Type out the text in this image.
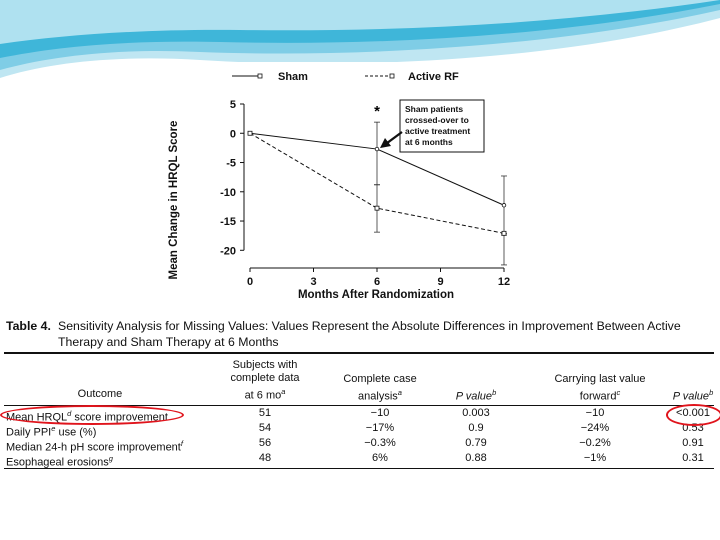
Sham	Active RF
Mean Change in HRQL Score
Months After Randomization
5
0
-5
-10
-15
-20
0	3	6	9	12
*	Sham patients
crossed-over to
active treatment
at 6 months
Table 4. Sensitivity Analysis for Missing Values: Values Represent the Absolute Differences in Improvement Between Active Therapy and Sham Therapy at 6 Months
Outcome
Subjects with
complete data
at 6 $mo^a$
Complete case
analysis$^a$	P value$^b$
Carrying last value
forward$^c$	P value$^b$
Mean HRQL$^d$ score improvement	51	−10	0.003	−10	<0.001
Daily PPI$^e$ use (%)	54	−17%	0.9	−24%	0.53
Median 24-h pH score improvement$^f$	56	−0.3%	0.79	−0.2%	0.91
Esophageal erosions$^g$	48	6%	0.88	−1%	0.31
